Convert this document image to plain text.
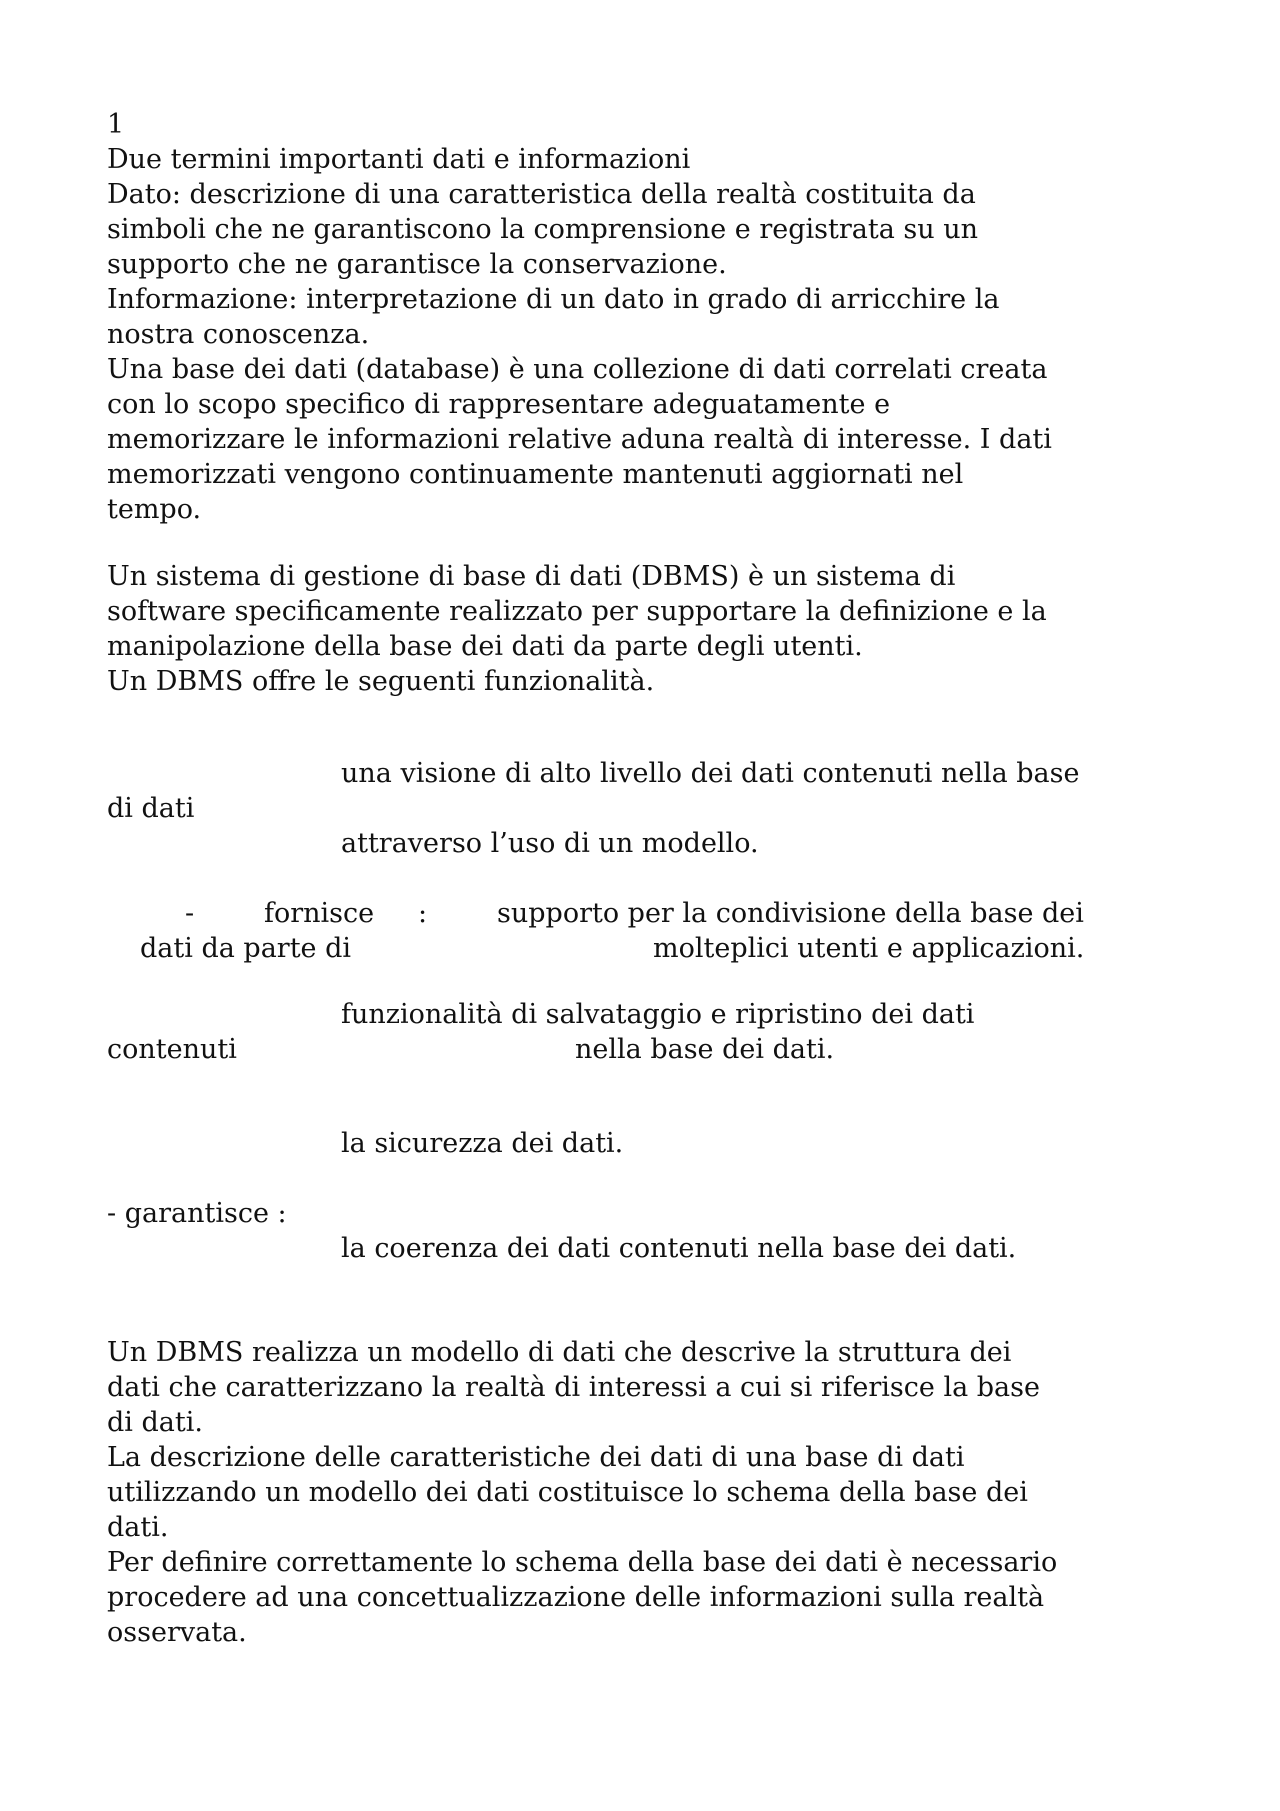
1
Due termini importanti dati e informazioni
Dato: descrizione di una caratteristica della realtà costituita da
simboli che ne garantiscono la comprensione e registrata su un
supporto che ne garantisce la conservazione.
Informazione: interpretazione di un dato in grado di arricchire la
nostra conoscenza.
Una base dei dati (database) è una collezione di dati correlati creata
con lo scopo specifico di rappresentare adeguatamente e
memorizzare le informazioni relative aduna realtà di interesse. I dati
memorizzati vengono continuamente mantenuti aggiornati nel
tempo.
Un sistema di gestione di base di dati (DBMS) è un sistema di
software specificamente realizzato per supportare la definizione e la
manipolazione della base dei dati da parte degli utenti.
Un DBMS offre le seguenti funzionalità.
una visione di alto livello dei dati contenuti nella base
di dati
attraverso l’uso di un modello.
-	fornisce :	supporto per la condivisione della base dei
dati da parte di	molteplici utenti e applicazioni.
funzionalità di salvataggio e ripristino dei dati
contenuti	nella base dei dati.
la sicurezza dei dati.
- garantisce :
la coerenza dei dati contenuti nella base dei dati.
Un DBMS realizza un modello di dati che descrive la struttura dei
dati che caratterizzano la realtà di interessi a cui si riferisce la base
di dati.
La descrizione delle caratteristiche dei dati di una base di dati
utilizzando un modello dei dati costituisce lo schema della base dei
dati.
Per definire correttamente lo schema della base dei dati è necessario
procedere ad una concettualizzazione delle informazioni sulla realtà
osservata.
